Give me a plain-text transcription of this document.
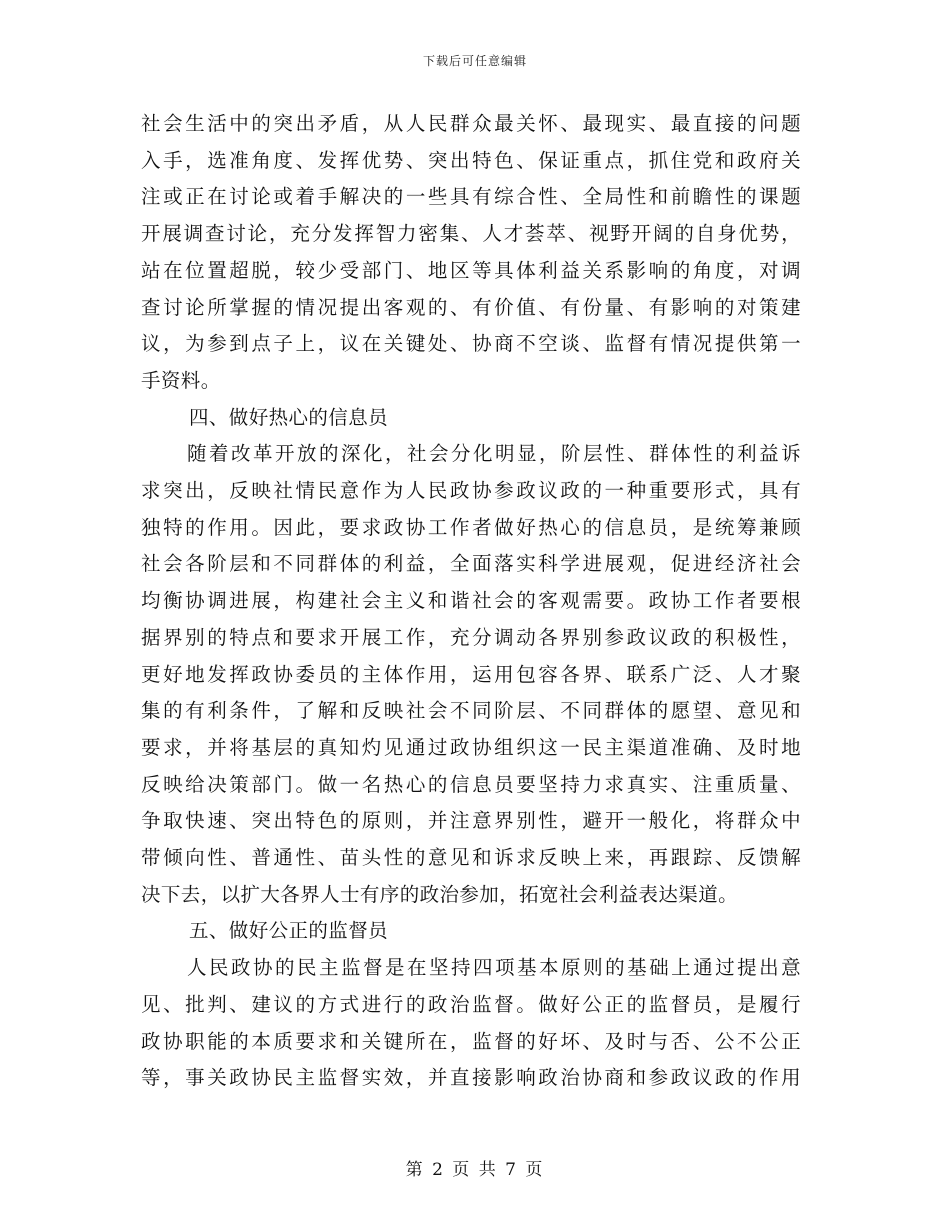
下载后可任意编辑
社会生活中的突出矛盾，从人民群众最关怀、最现实、最直接的问题
入手，选准角度、发挥优势、突出特色、保证重点，抓住党和政府关
注或正在讨论或着手解决的一些具有综合性、全局性和前瞻性的课题
开展调查讨论，充分发挥智力密集、人才荟萃、视野开阔的自身优势，
站在位置超脱，较少受部门、地区等具体利益关系影响的角度，对调
查讨论所掌握的情况提出客观的、有价值、有份量、有影响的对策建
议，为参到点子上，议在关键处、协商不空谈、监督有情况提供第一
手资料。
四、做好热心的信息员
随着改革开放的深化，社会分化明显，阶层性、群体性的利益诉
求突出，反映社情民意作为人民政协参政议政的一种重要形式，具有
独特的作用。因此，要求政协工作者做好热心的信息员，是统筹兼顾
社会各阶层和不同群体的利益，全面落实科学进展观，促进经济社会
均衡协调进展，构建社会主义和谐社会的客观需要。政协工作者要根
据界别的特点和要求开展工作，充分调动各界别参政议政的积极性，
更好地发挥政协委员的主体作用，运用包容各界、联系广泛、人才聚
集的有利条件，了解和反映社会不同阶层、不同群体的愿望、意见和
要求，并将基层的真知灼见通过政协组织这一民主渠道准确、及时地
反映给决策部门。做一名热心的信息员要坚持力求真实、注重质量、
争取快速、突出特色的原则，并注意界别性，避开一般化，将群众中
带倾向性、普通性、苗头性的意见和诉求反映上来，再跟踪、反馈解
决下去，以扩大各界人士有序的政治参加，拓宽社会利益表达渠道。
五、做好公正的监督员
人民政协的民主监督是在坚持四项基本原则的基础上通过提出意
见、批判、建议的方式进行的政治监督。做好公正的监督员，是履行
政协职能的本质要求和关键所在，监督的好坏、及时与否、公不公正
等，事关政协民主监督实效，并直接影响政治协商和参政议政的作用
第 2 页 共 7 页
